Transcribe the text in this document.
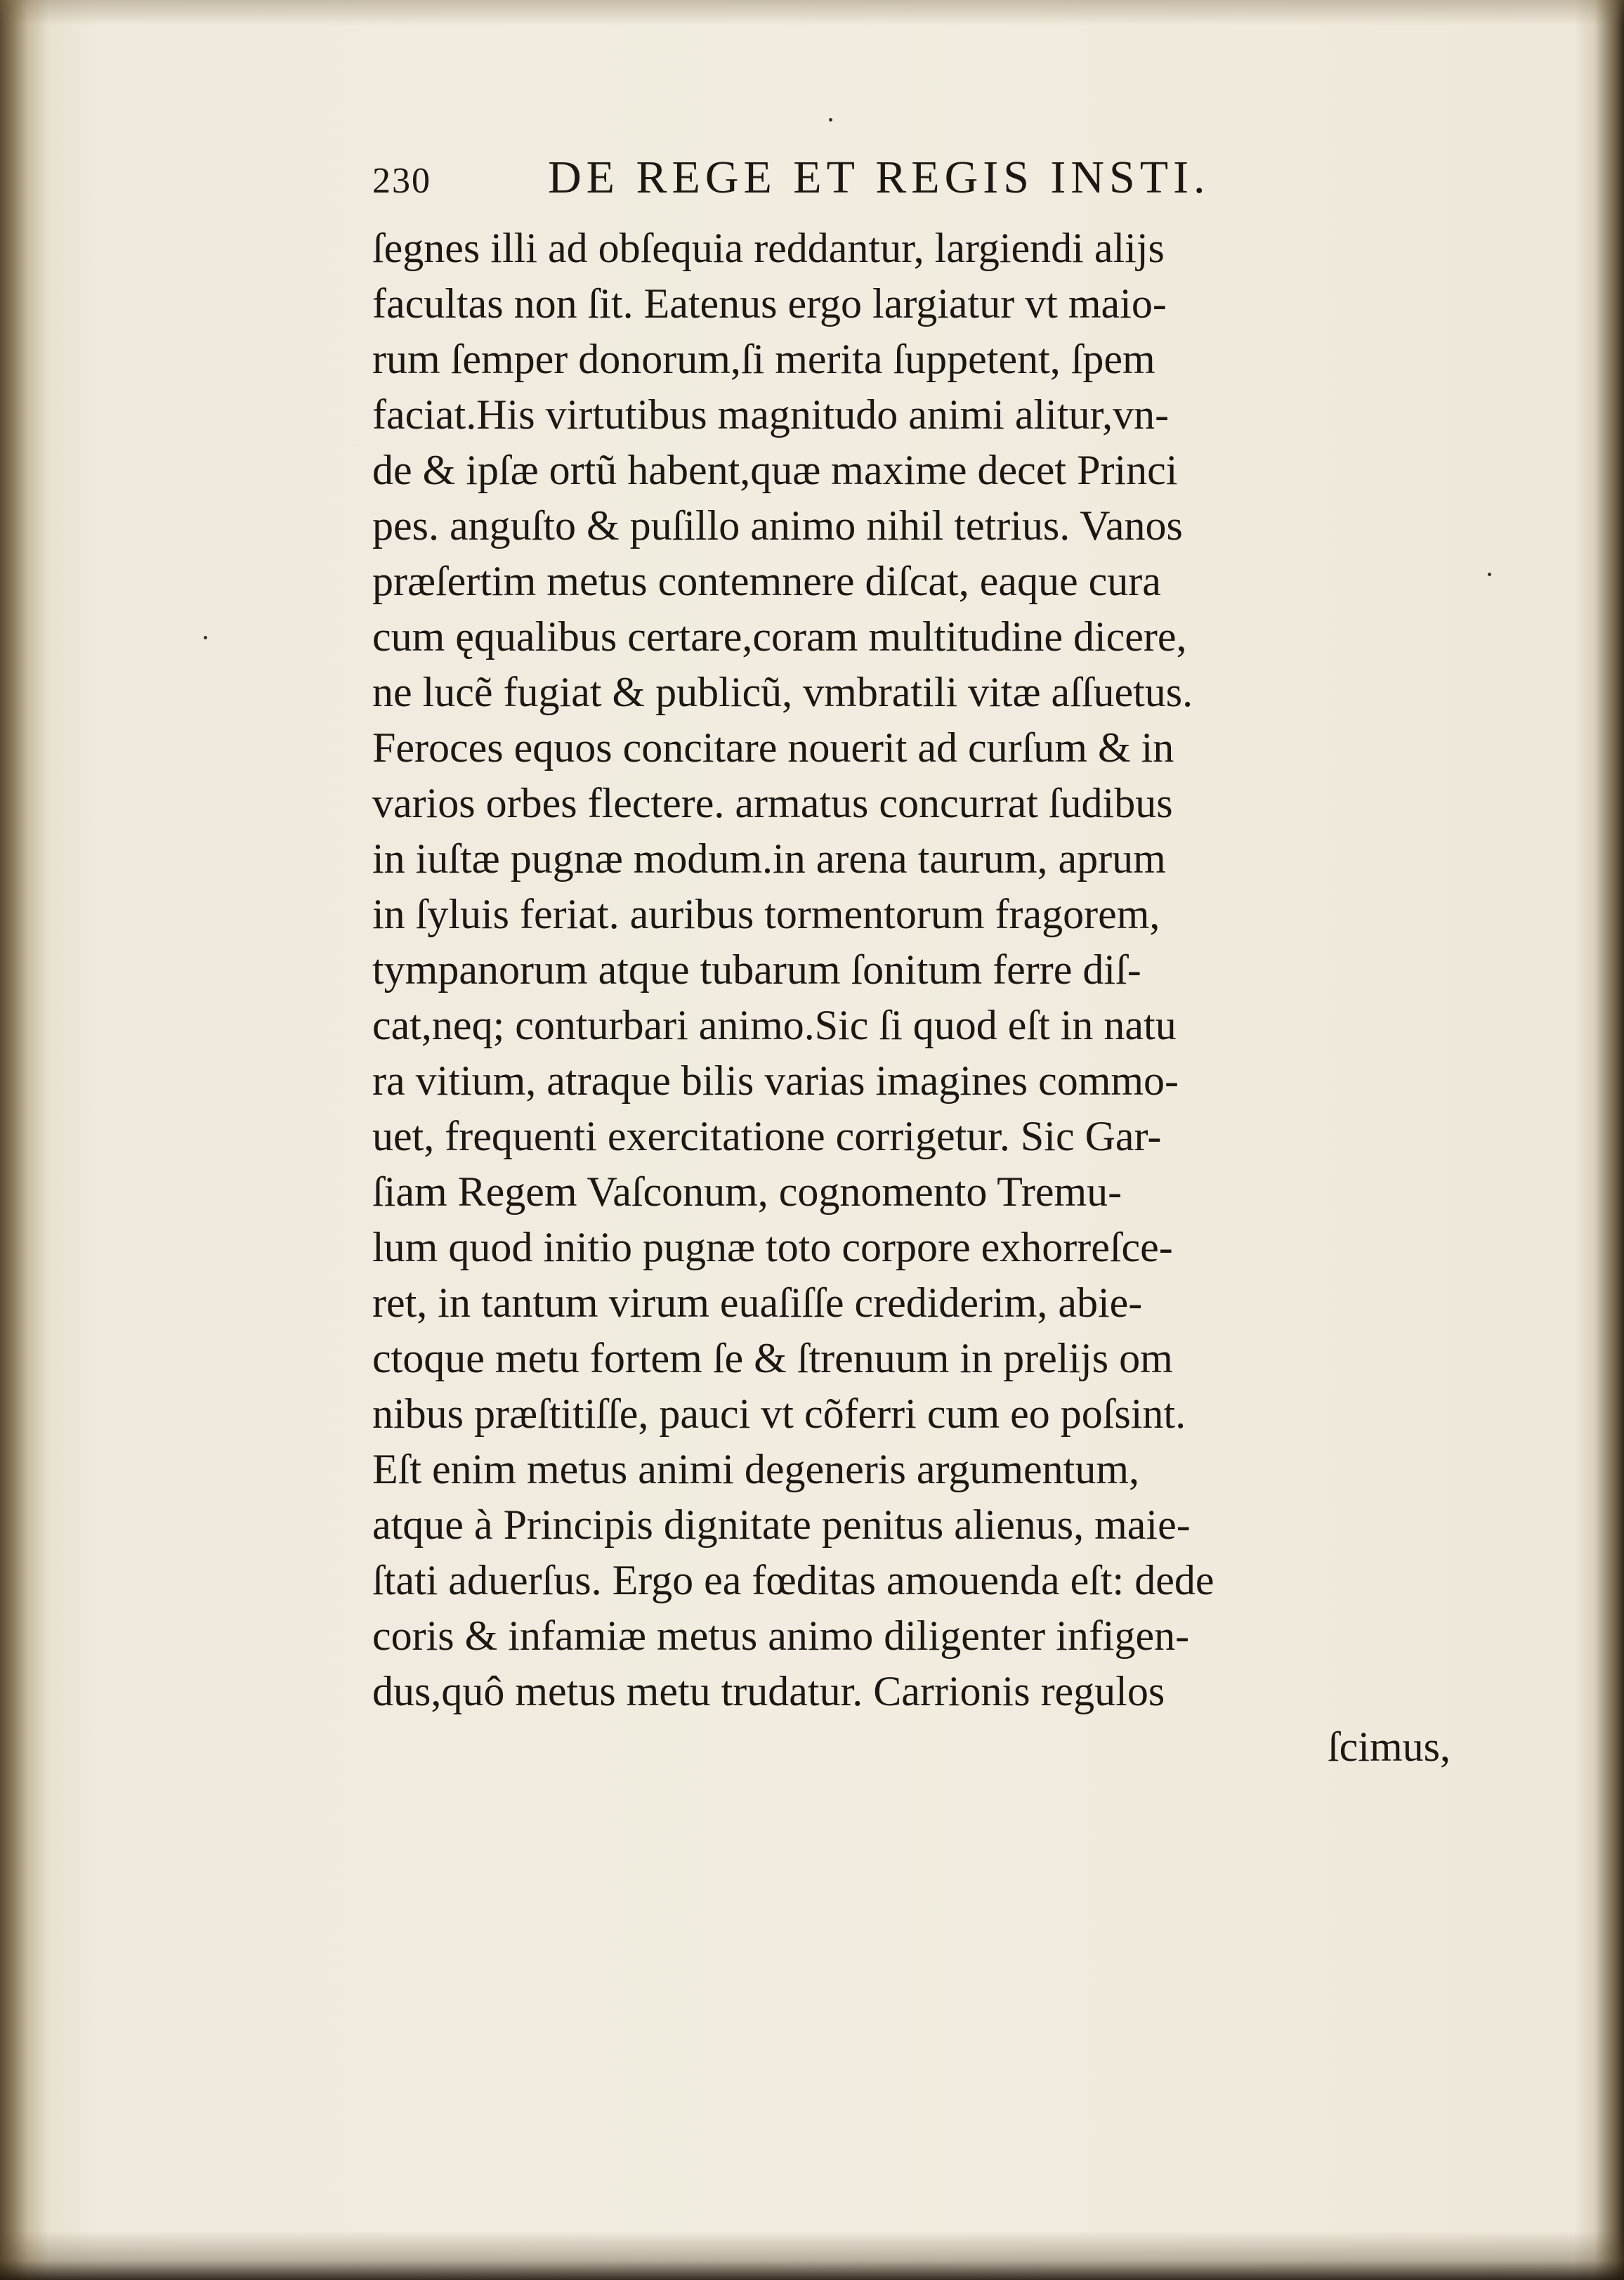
230	DE REGE ET REGIS INSTI.
ſegnes illi ad obſequia reddantur, largiendi alijs
facultas non ſit. Eatenus ergo largiatur vt maio-
rum ſemper donorum,ſi merita ſuppetent, ſpem
faciat.His virtutibus magnitudo animi alitur,vn-
de & ipſæ ortũ habent,quæ maxime decet Princi
pes. anguſto & puſillo animo nihil tetrius. Vanos
præſertim metus contemnere diſcat, eaque cura
cum ęqualibus certare,coram multitudine dicere,
ne lucẽ fugiat & publicũ, vmbratili vitæ aſſuetus.
Feroces equos concitare nouerit ad curſum & in
varios orbes flectere. armatus concurrat ſudibus
in iuſtæ pugnæ modum.in arena taurum, aprum
in ſyluis feriat. auribus tormentorum fragorem,
tympanorum atque tubarum ſonitum ferre diſ-
cat,neq; conturbari animo.Sic ſi quod eſt in natu
ra vitium, atraque bilis varias imagines commo-
uet, frequenti exercitatione corrigetur. Sic Gar-
ſiam Regem Vaſconum, cognomento Tremu-
lum quod initio pugnæ toto corpore exhorreſce-
ret, in tantum virum euaſiſſe crediderim, abie-
ctoque metu fortem ſe & ſtrenuum in prelijs om
nibus præſtitiſſe, pauci vt cõferri cum eo poſsint.
Eſt enim metus animi degeneris argumentum,
atque à Principis dignitate penitus alienus, maie-
ſtati aduerſus. Ergo ea fœditas amouenda eſt: dede
coris & infamiæ metus animo diligenter infigen-
dus,quô metus metu trudatur. Carrionis regulos
ſcimus,
